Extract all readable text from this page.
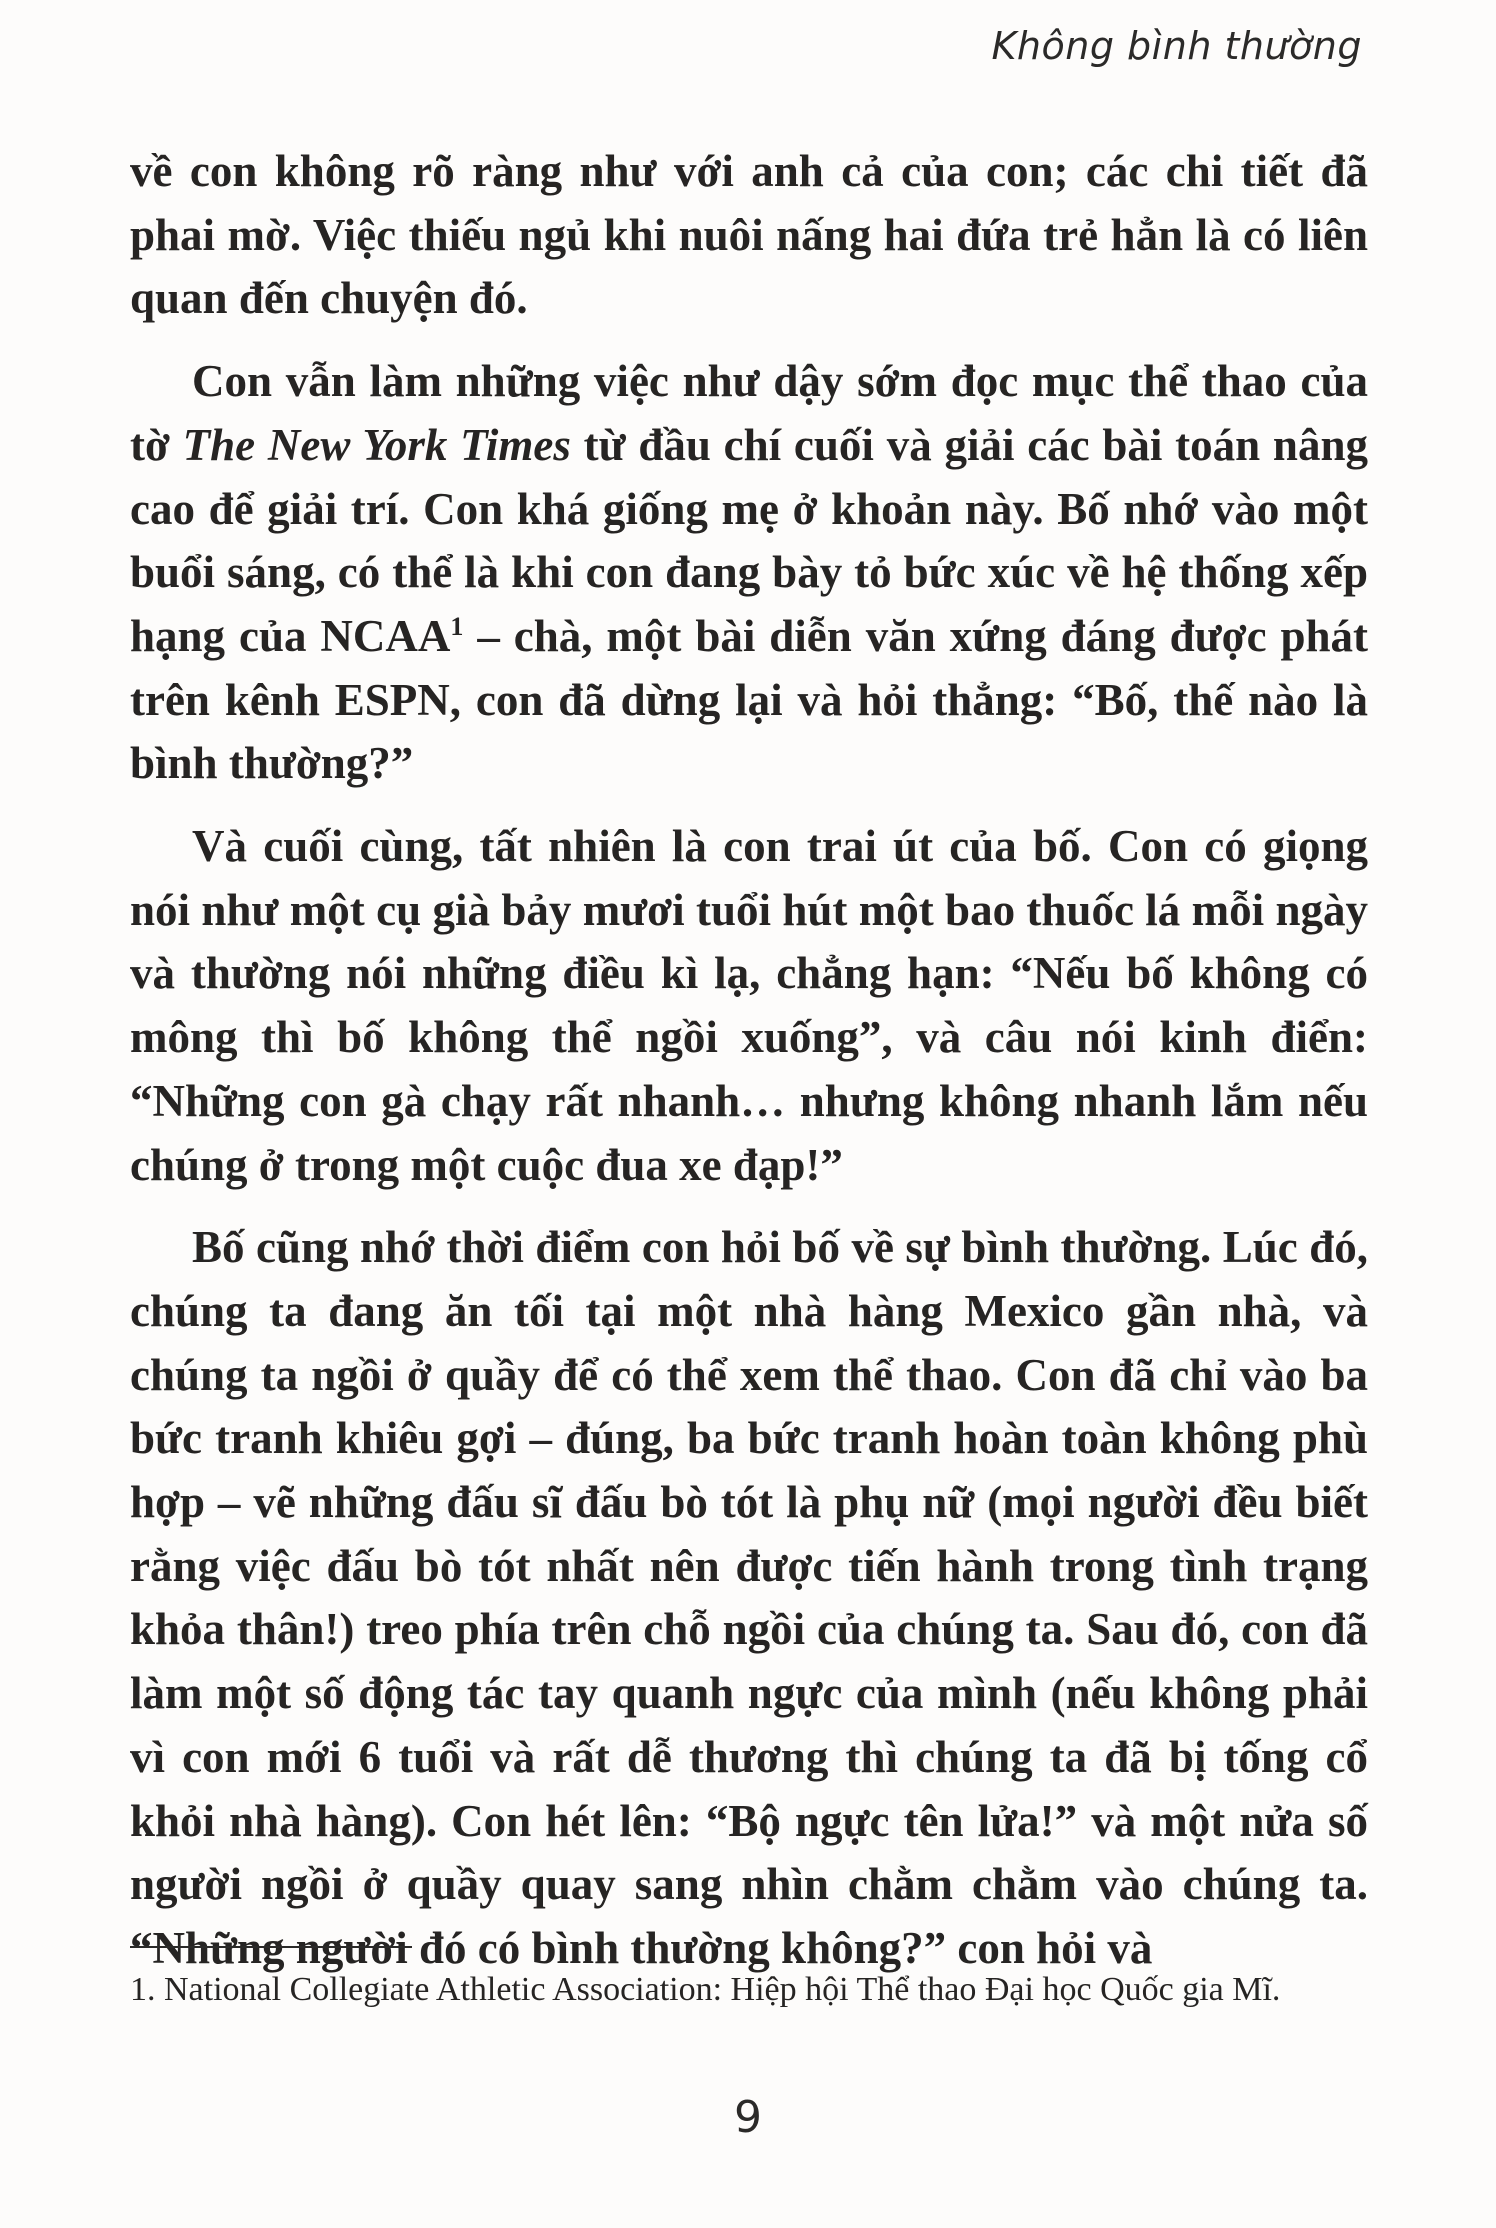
Không bình thường

về con không rõ ràng như với anh cả của con; các chi tiết đã phai mờ. Việc thiếu ngủ khi nuôi nấng hai đứa trẻ hẳn là có liên quan đến chuyện đó.

Con vẫn làm những việc như dậy sớm đọc mục thể thao của tờ The New York Times từ đầu chí cuối và giải các bài toán nâng cao để giải trí. Con khá giống mẹ ở khoản này. Bố nhớ vào một buổi sáng, có thể là khi con đang bày tỏ bức xúc về hệ thống xếp hạng của NCAA$^1$ – chà, một bài diễn văn xứng đáng được phát trên kênh ESPN, con đã dừng lại và hỏi thẳng: “Bố, thế nào là bình thường?”

Và cuối cùng, tất nhiên là con trai út của bố. Con có giọng nói như một cụ già bảy mươi tuổi hút một bao thuốc lá mỗi ngày và thường nói những điều kì lạ, chẳng hạn: “Nếu bố không có mông thì bố không thể ngồi xuống”, và câu nói kinh điển: “Những con gà chạy rất nhanh… nhưng không nhanh lắm nếu chúng ở trong một cuộc đua xe đạp!”

Bố cũng nhớ thời điểm con hỏi bố về sự bình thường. Lúc đó, chúng ta đang ăn tối tại một nhà hàng Mexico gần nhà, và chúng ta ngồi ở quầy để có thể xem thể thao. Con đã chỉ vào ba bức tranh khiêu gợi – đúng, ba bức tranh hoàn toàn không phù hợp – vẽ những đấu sĩ đấu bò tót là phụ nữ (mọi người đều biết rằng việc đấu bò tót nhất nên được tiến hành trong tình trạng khỏa thân!) treo phía trên chỗ ngồi của chúng ta. Sau đó, con đã làm một số động tác tay quanh ngực của mình (nếu không phải vì con mới 6 tuổi và rất dễ thương thì chúng ta đã bị tống cổ khỏi nhà hàng). Con hét lên: “Bộ ngực tên lửa!” và một nửa số người ngồi ở quầy quay sang nhìn chằm chằm vào chúng ta. “Những người đó có bình thường không?” con hỏi và

1. National Collegiate Athletic Association: Hiệp hội Thể thao Đại học Quốc gia Mĩ.
9
